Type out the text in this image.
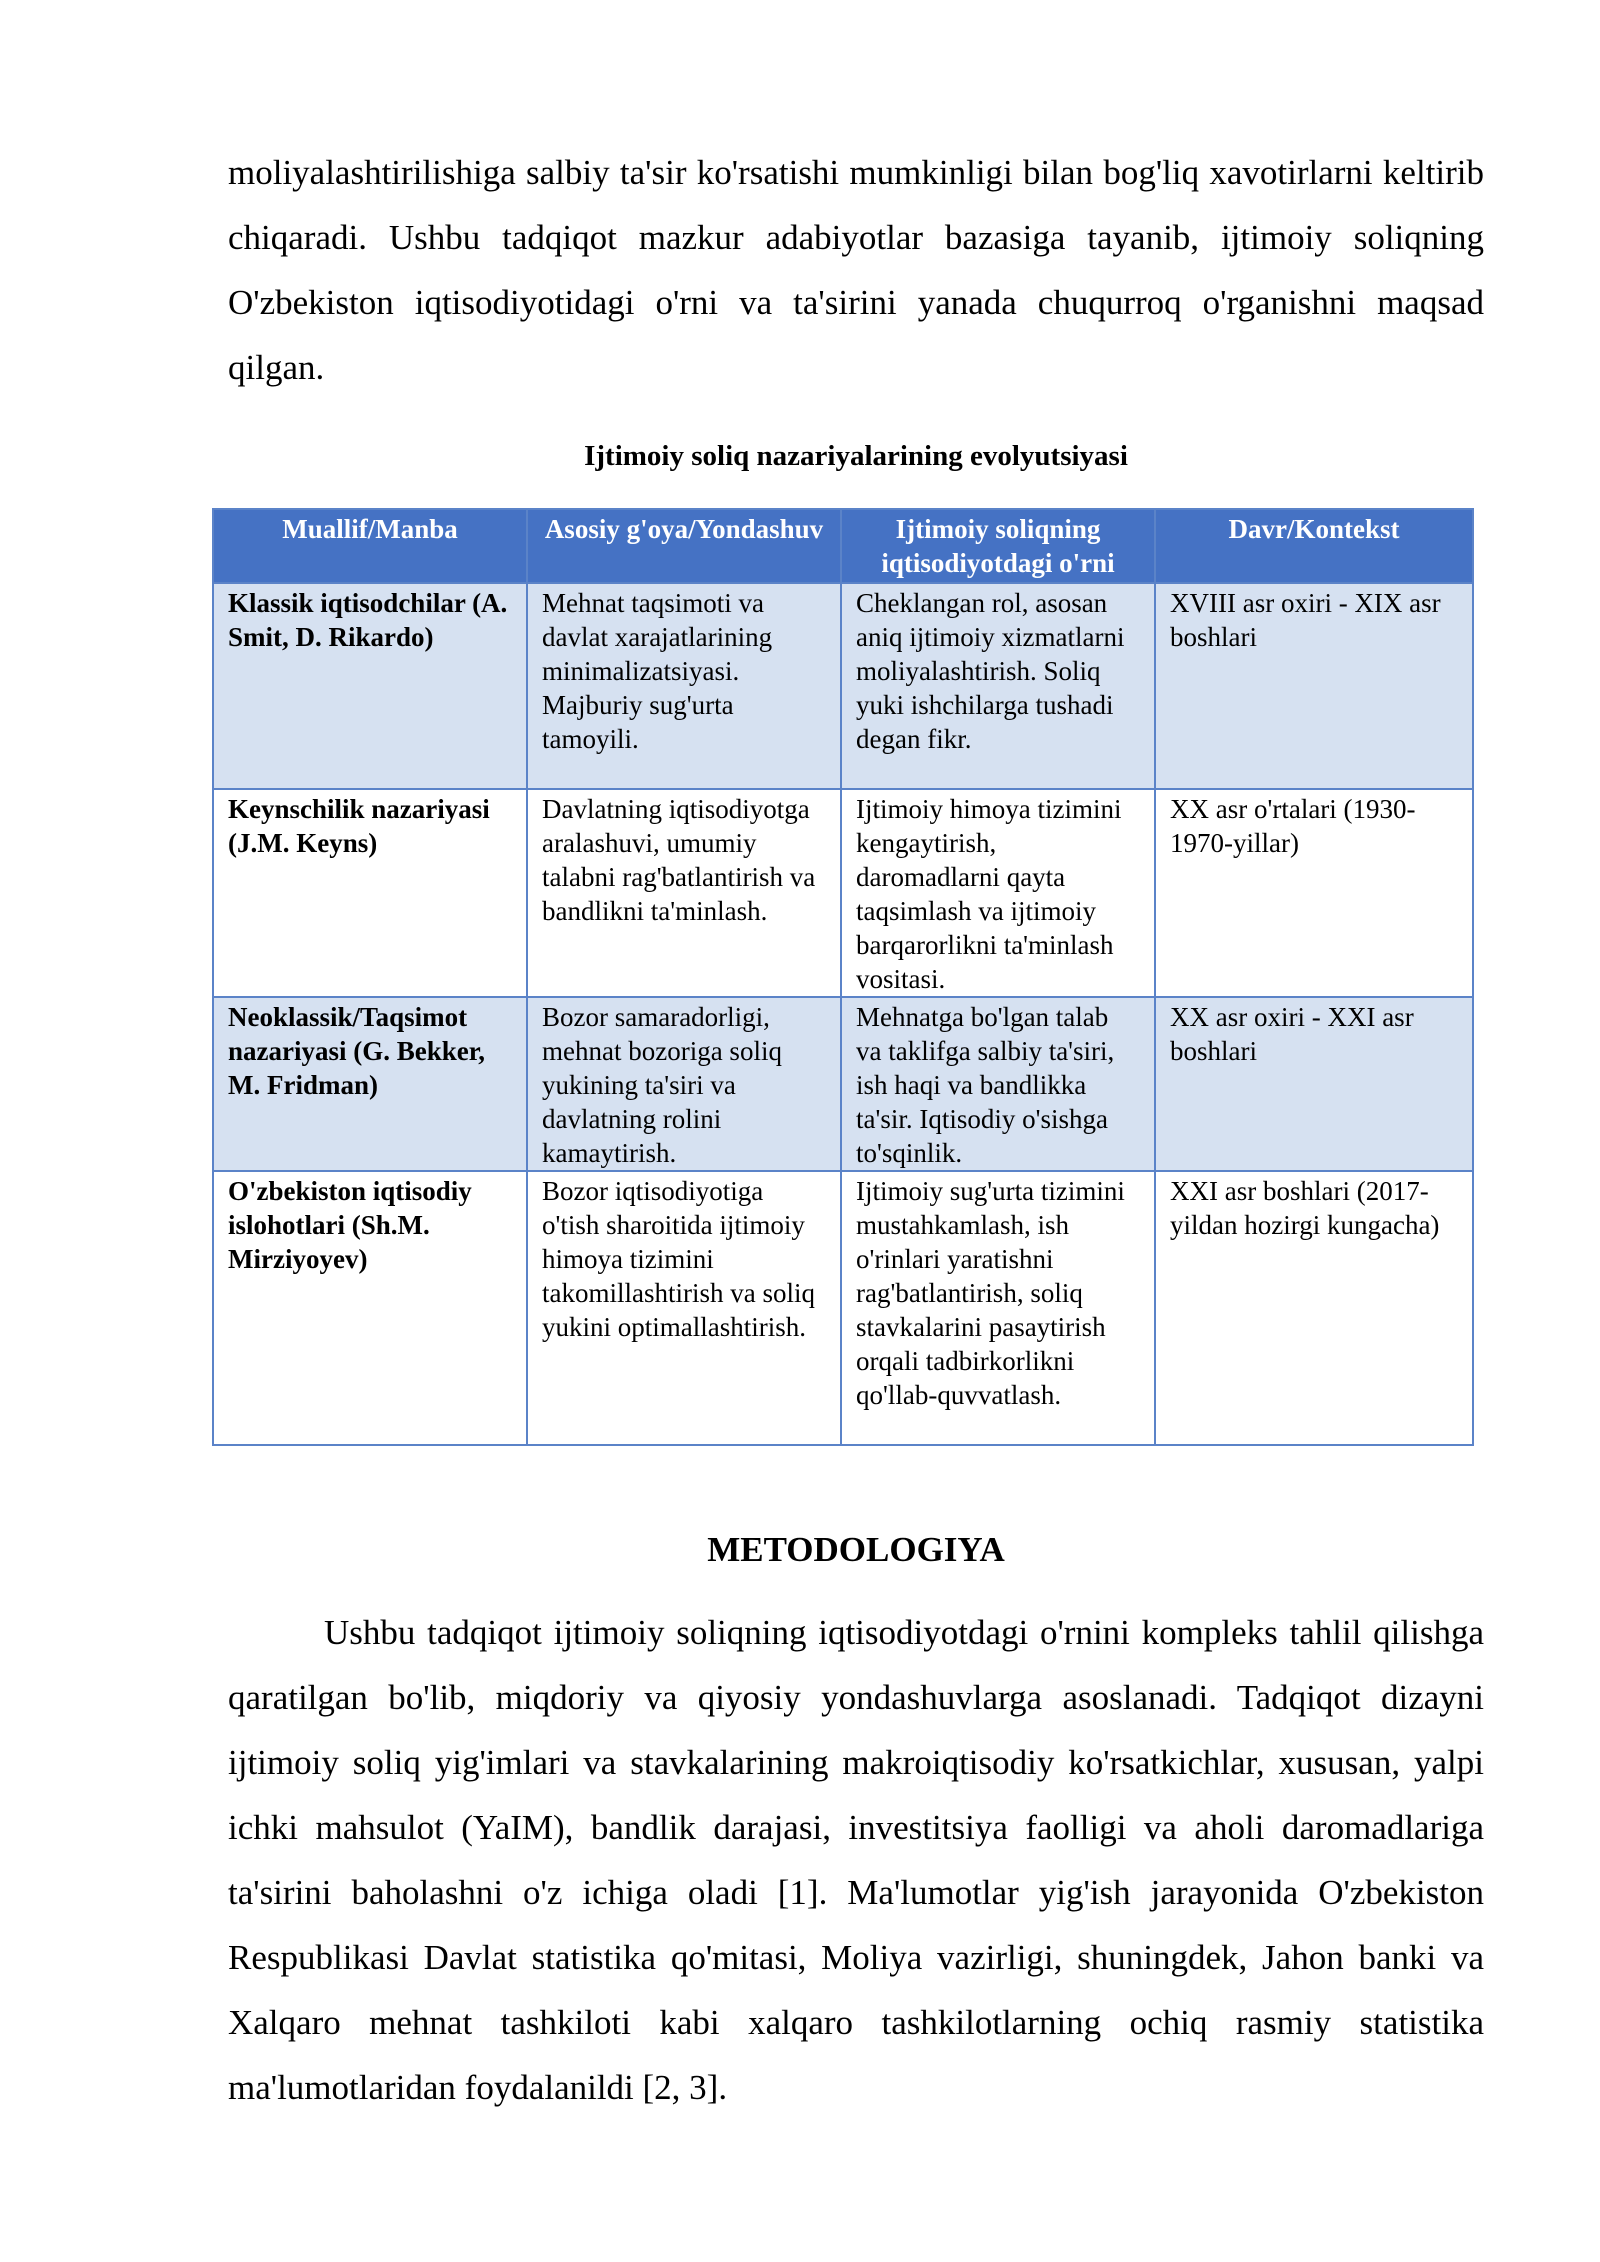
moliyalashtirilishiga salbiy ta'sir ko'rsatishi mumkinligi bilan bog'liq xavotirlarni keltirib chiqaradi. Ushbu tadqiqot mazkur adabiyotlar bazasiga tayanib, ijtimoiy soliqning O'zbekiston iqtisodiyotidagi o'rni va ta'sirini yanada chuqurroq o'rganishni maqsad qilgan.

Ijtimoiy soliq nazariyalarining evolyutsiyasi
Muallif/Manba	Asosiy g'oya/Yondashuv	Ijtimoiy soliqning iqtisodiyotdagi o'rni	Davr/Kontekst
Klassik iqtisodchilar (A. Smit, D. Rikardo)	Mehnat taqsimoti va davlat xarajatlarining minimalizatsiyasi. Majburiy sug'urta tamoyili.	Cheklangan rol, asosan aniq ijtimoiy xizmatlarni moliyalashtirish. Soliq yuki ishchilarga tushadi degan fikr.	XVIII asr oxiri - XIX asr boshlari
Keynschilik nazariyasi (J.M. Keyns)	Davlatning iqtisodiyotga aralashuvi, umumiy talabni rag'batlantirish va bandlikni ta'minlash.	Ijtimoiy himoya tizimini kengaytirish, daromadlarni qayta taqsimlash va ijtimoiy barqarorlikni ta'minlash vositasi.	XX asr o'rtalari (1930-1970-yillar)
Neoklassik/Taqsimot nazariyasi (G. Bekker, M. Fridman)	Bozor samaradorligi, mehnat bozoriga soliq yukining ta'siri va davlatning rolini kamaytirish.	Mehnatga bo'lgan talab va taklifga salbiy ta'siri, ish haqi va bandlikka ta'sir. Iqtisodiy o'sishga to'sqinlik.	XX asr oxiri - XXI asr boshlari
O'zbekiston iqtisodiy islohotlari (Sh.M. Mirziyoyev)	Bozor iqtisodiyotiga o'tish sharoitida ijtimoiy himoya tizimini takomillashtirish va soliq yukini optimallashtirish.	Ijtimoiy sug'urta tizimini mustahkamlash, ish o'rinlari yaratishni rag'batlantirish, soliq stavkalarini pasaytirish orqali tadbirkorlikni qo'llab-quvvatlash.	XXI asr boshlari (2017-yildan hozirgi kungacha)
METODOLOGIYA

Ushbu tadqiqot ijtimoiy soliqning iqtisodiyotdagi o'rnini kompleks tahlil qilishga qaratilgan bo'lib, miqdoriy va qiyosiy yondashuvlarga asoslanadi. Tadqiqot dizayni ijtimoiy soliq yig'imlari va stavkalarining makroiqtisodiy ko'rsatkichlar, xususan, yalpi ichki mahsulot (YaIM), bandlik darajasi, investitsiya faolligi va aholi daromadlariga ta'sirini baholashni o'z ichiga oladi [1]. Ma'lumotlar yig'ish jarayonida O'zbekiston Respublikasi Davlat statistika qo'mitasi, Moliya vazirligi, shuningdek, Jahon banki va Xalqaro mehnat tashkiloti kabi xalqaro tashkilotlarning ochiq rasmiy statistika ma'lumotlaridan foydalanildi [2, 3].
